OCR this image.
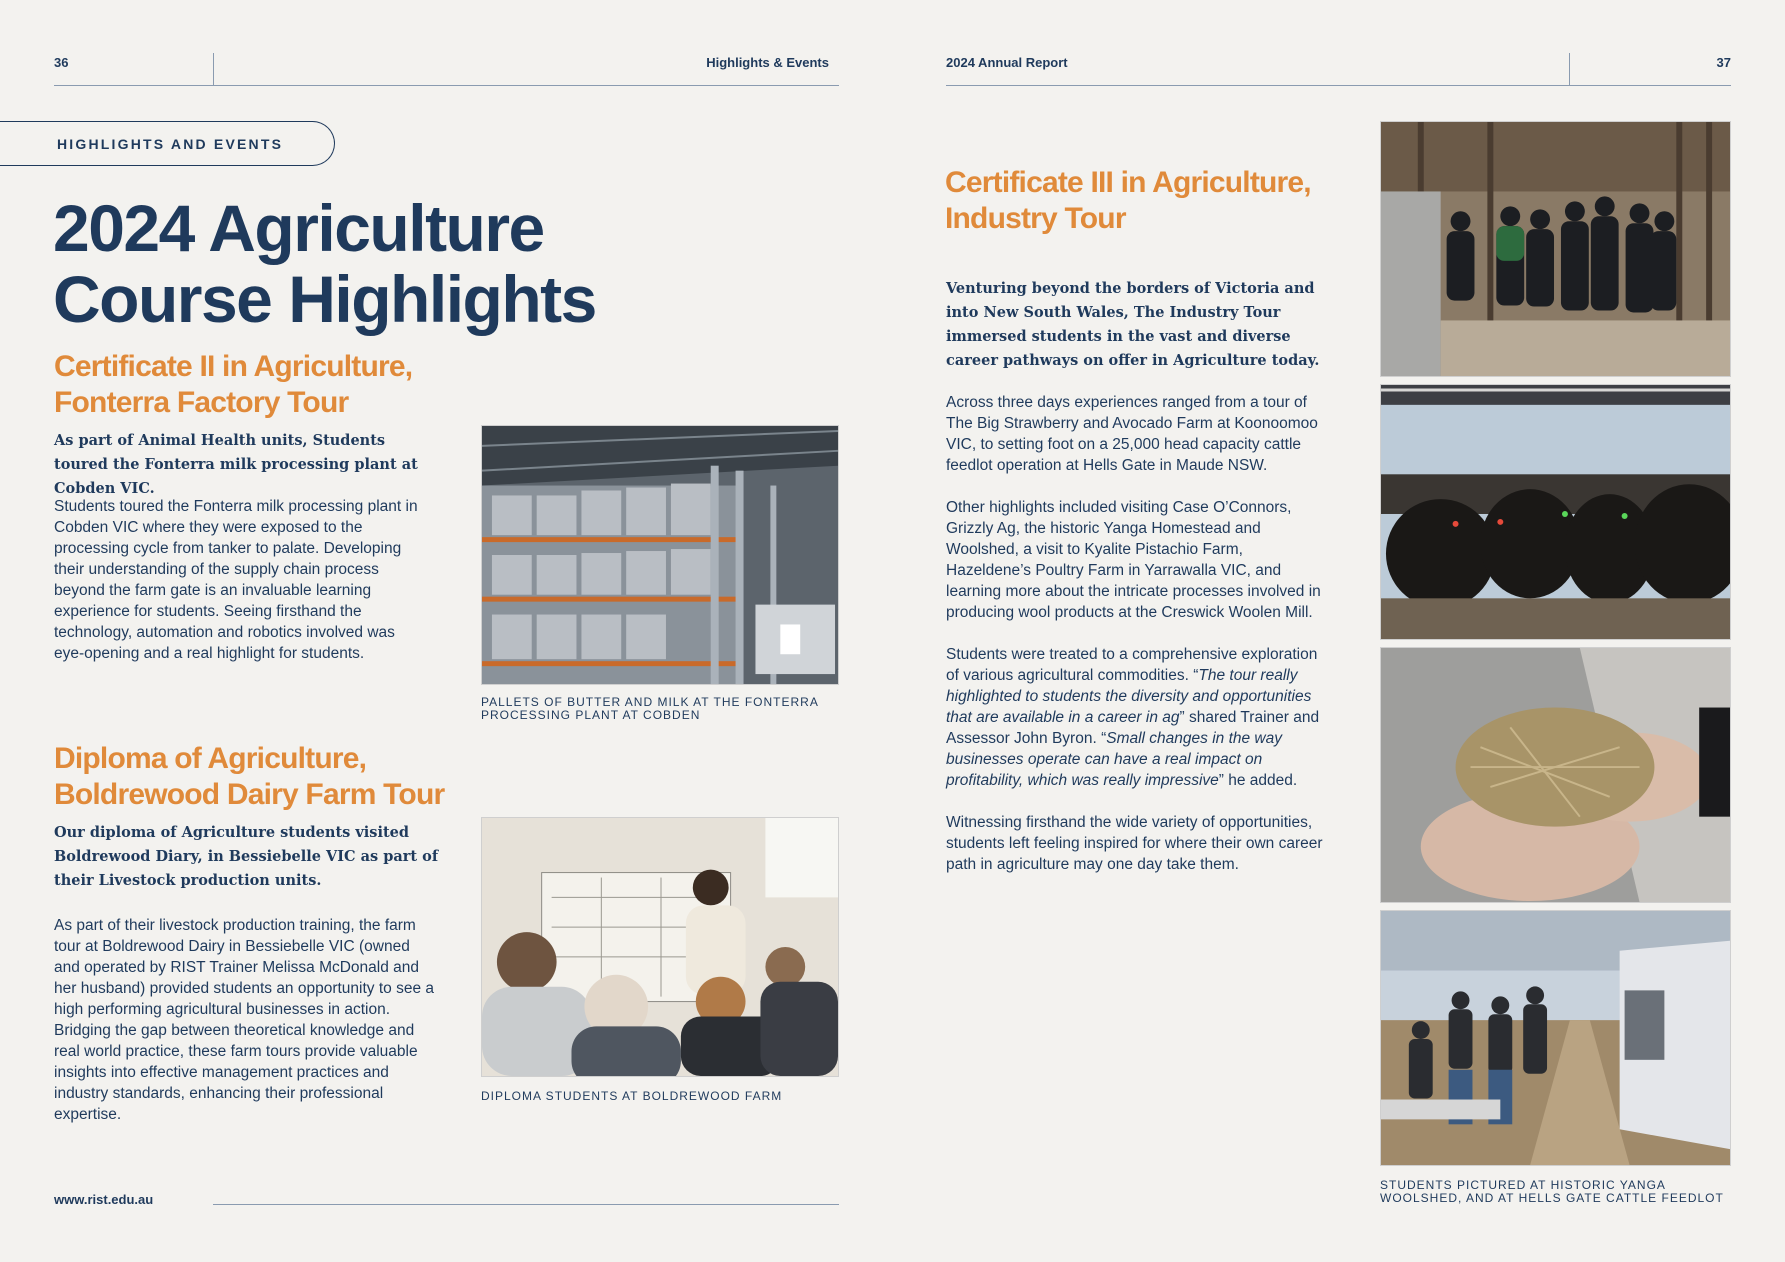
36	Highlights & Events
HIGHLIGHTS AND EVENTS
2024 Agriculture
Course Highlights
Certificate II in Agriculture,
Fonterra Factory Tour
As part of Animal Health units, Students toured the Fonterra milk processing plant at Cobden VIC.

Students toured the Fonterra milk processing plant in Cobden VIC where they were exposed to the processing cycle from tanker to palate. Developing their understanding of the supply chain process beyond the farm gate is an invaluable learning experience for students. Seeing firsthand the technology, automation and robotics involved was eye-opening and a real highlight for students.

PALLETS OF BUTTER AND MILK AT THE FONTERRA PROCESSING PLANT AT COBDEN
Diploma of Agriculture,
Boldrewood Dairy Farm Tour
Our diploma of Agriculture students visited Boldrewood Diary, in Bessiebelle VIC as part of their Livestock production units.

As part of their livestock production training, the farm tour at Boldrewood Dairy in Bessiebelle VIC (owned and operated by RIST Trainer Melissa McDonald and her husband) provided students an opportunity to see a high performing agricultural businesses in action. Bridging the gap between theoretical knowledge and real world practice, these farm tours provide valuable insights into effective management practices and industry standards, enhancing their professional expertise.

DIPLOMA STUDENTS AT BOLDREWOOD FARM
www.rist.edu.au
2024 Annual Report	37
Certificate III in Agriculture,
Industry Tour
Venturing beyond the borders of Victoria and into New South Wales, The Industry Tour immersed students in the vast and diverse career pathways on offer in Agriculture today.

Across three days experiences ranged from a tour of The Big Strawberry and Avocado Farm at Koonoomoo VIC, to setting foot on a 25,000 head capacity cattle feedlot operation at Hells Gate in Maude NSW.

Other highlights included visiting Case O’Connors, Grizzly Ag, the historic Yanga Homestead and Woolshed, a visit to Kyalite Pistachio Farm, Hazeldene’s Poultry Farm in Yarrawalla VIC, and learning more about the intricate processes involved in producing wool products at the Creswick Woolen Mill.

Students were treated to a comprehensive exploration of various agricultural commodities. “The tour really highlighted to students the diversity and opportunities that are available in a career in ag” shared Trainer and Assessor John Byron. “Small changes in the way businesses operate can have a real impact on profitability, which was really impressive” he added.

Witnessing firsthand the wide variety of opportunities, students left feeling inspired for where their own career path in agriculture may one day take them.

STUDENTS PICTURED AT HISTORIC YANGA WOOLSHED, AND AT HELLS GATE CATTLE FEEDLOT
